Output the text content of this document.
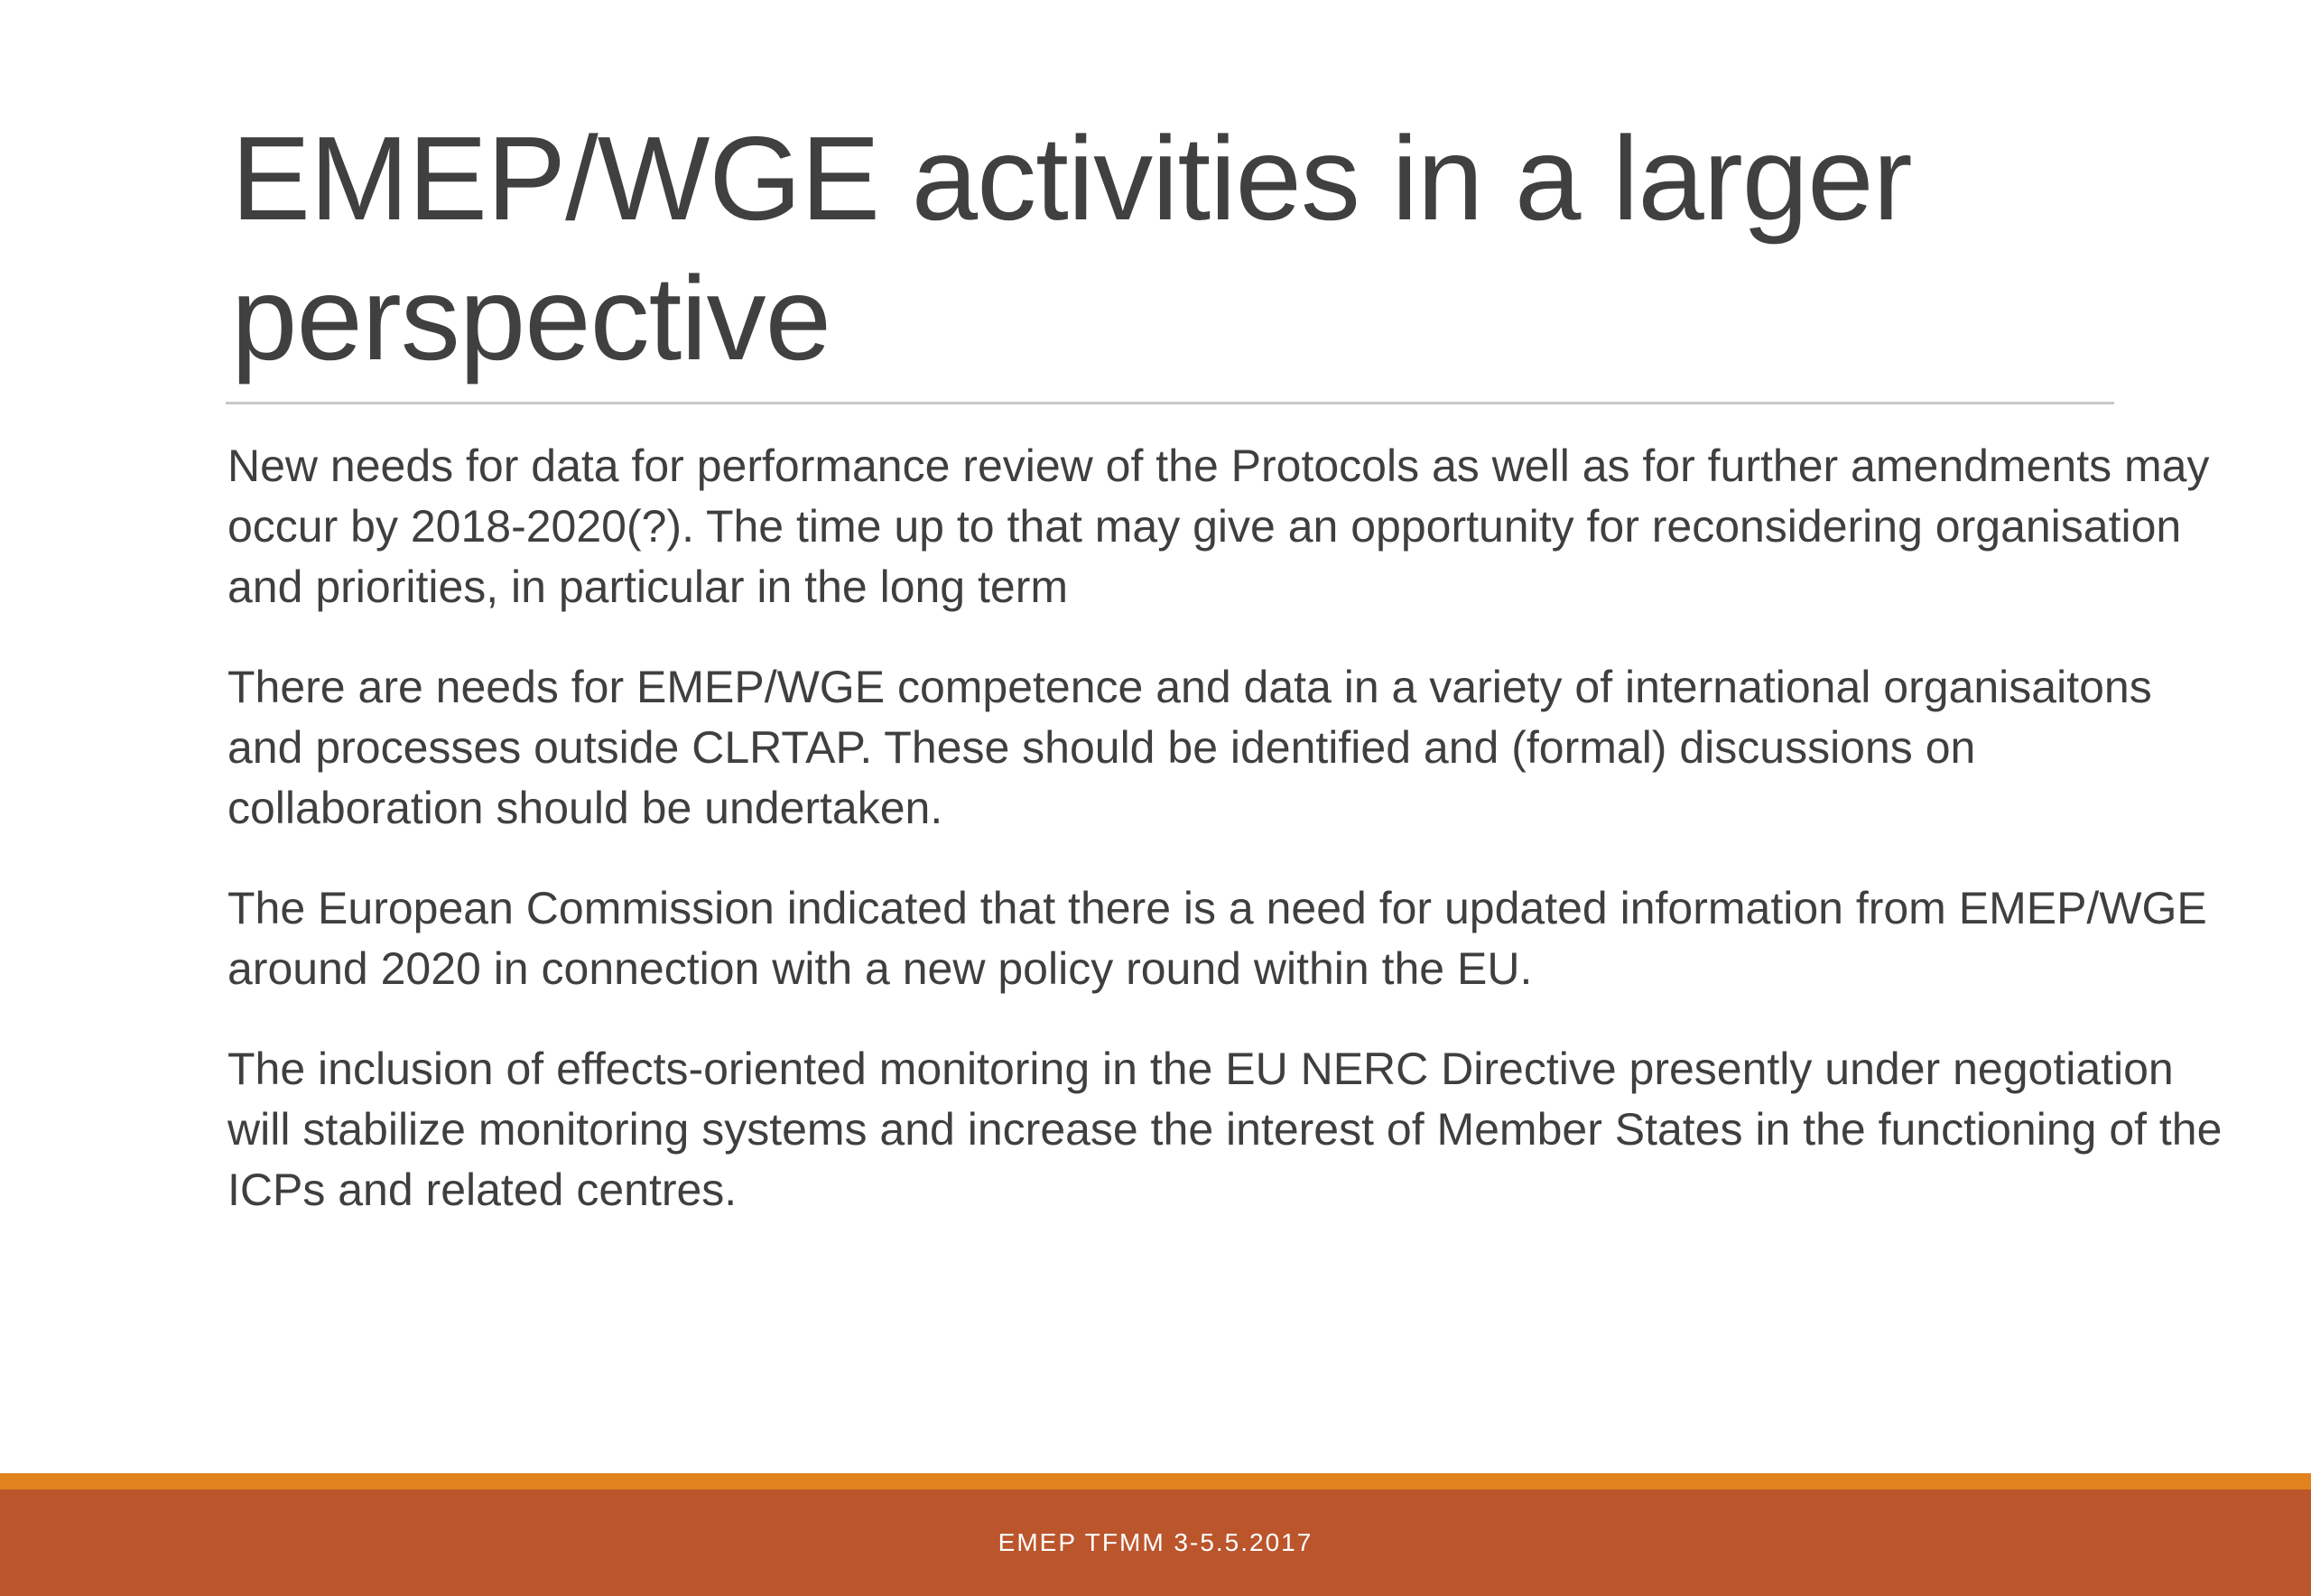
EMEP/WGE activities in a larger perspective

New needs for data for performance review of the Protocols as well as for further amendments may occur by 2018-2020(?). The time up to that may give an opportunity for reconsidering organisation and priorities, in particular in the long term

There are needs for EMEP/WGE competence and data in a variety of international organisaitons and processes outside CLRTAP. These should be identified and (formal) discussions on collaboration should be undertaken.

The European Commission indicated that there is a need for updated information from EMEP/WGE around 2020 in connection with a new policy round within the EU.

The inclusion of effects-oriented monitoring in the EU NERC Directive presently under negotiation will stabilize monitoring systems and increase the interest of Member States in the functioning of the ICPs and related centres.

EMEP TFMM 3-5.5.2017
